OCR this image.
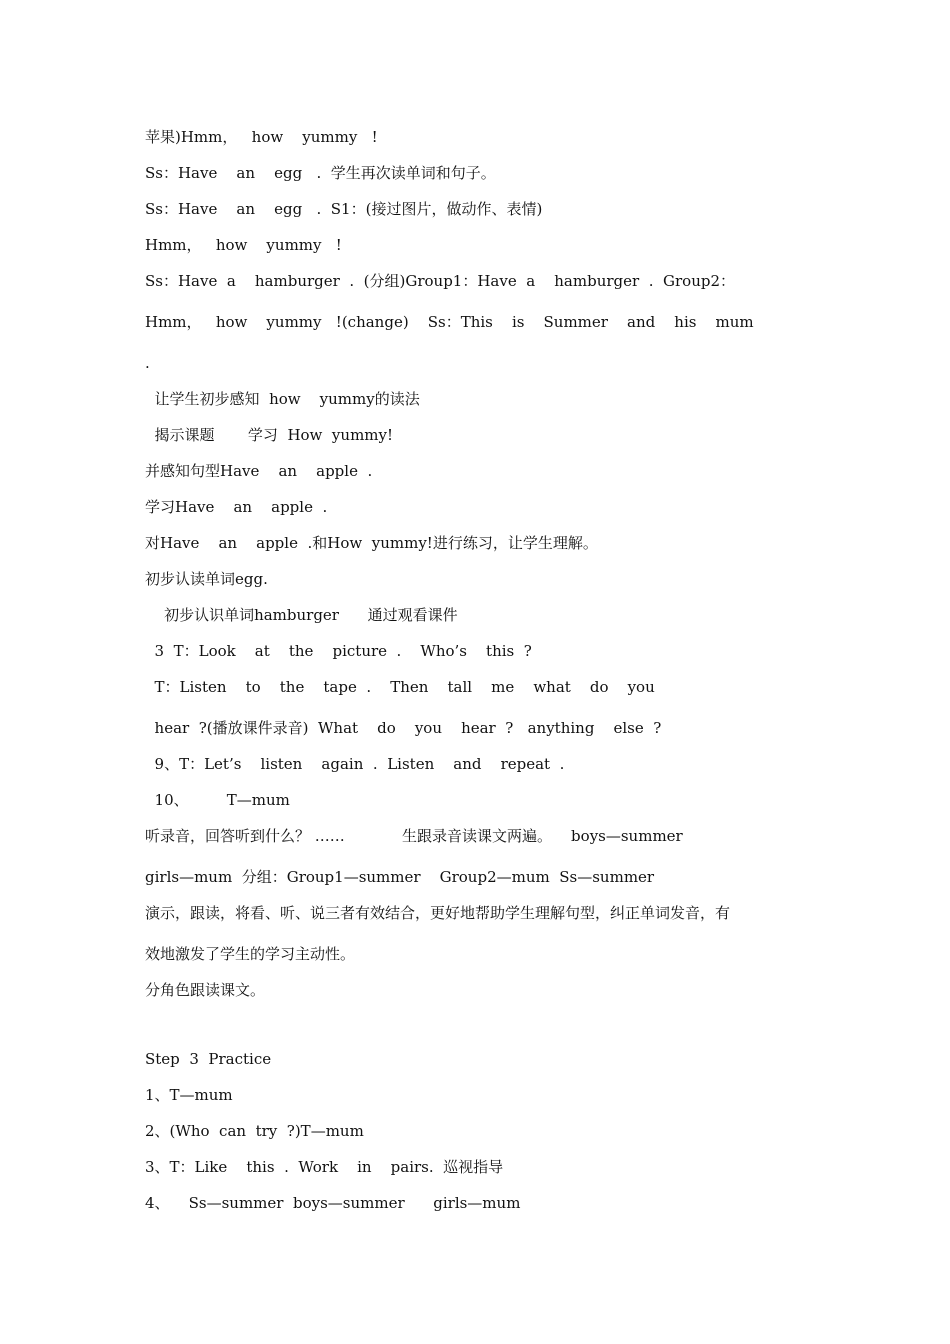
苹果)Hmm，   how    yummy   !
Ss：Have    an    egg   .  学生再次读单词和句子。
Ss：Have    an    egg   .  S1：(接过图片，做动作、表情)
Hmm，   how    yummy   !
Ss：Have  a    hamburger  .  (分组)Group1：Have  a    hamburger  .  Group2：
Hmm，   how    yummy   !(change)    Ss：This    is    Summer    and    his    mum
.
让学生初步感知  how    yummy的读法
揭示课题       学习  How  yummy!
并感知句型Have    an    apple  .
学习Have    an    apple  .
对Have    an    apple  .和How  yummy!进行练习，让学生理解。
初步认读单词egg.
初步认识单词hamburger      通过观看课件
3  T：Look    at    the    picture  .    Who’s    this  ?
T：Listen    to    the    tape  .    Then    tall    me    what    do    you
hear  ?(播放课件录音)  What    do    you    hear  ?   anything    else  ?
9、T：Let’s    listen    again  .  Listen    and    repeat  .
10、        T—mum
听录音，回答听到什么？ ……            生跟录音读课文两遍。    boys—summer
girls—mum  分组：Group1—summer    Group2—mum  Ss—summer
演示，跟读，将看、听、说三者有效结合，更好地帮助学生理解句型，纠正单词发音，有
效地激发了学生的学习主动性。
分角色跟读课文。
Step  3  Practice
1、T—mum
2、(Who  can  try  ?)T—mum
3、T：Like    this  .  Work    in    pairs.  巡视指导
4、    Ss—summer  boys—summer      girls—mum
